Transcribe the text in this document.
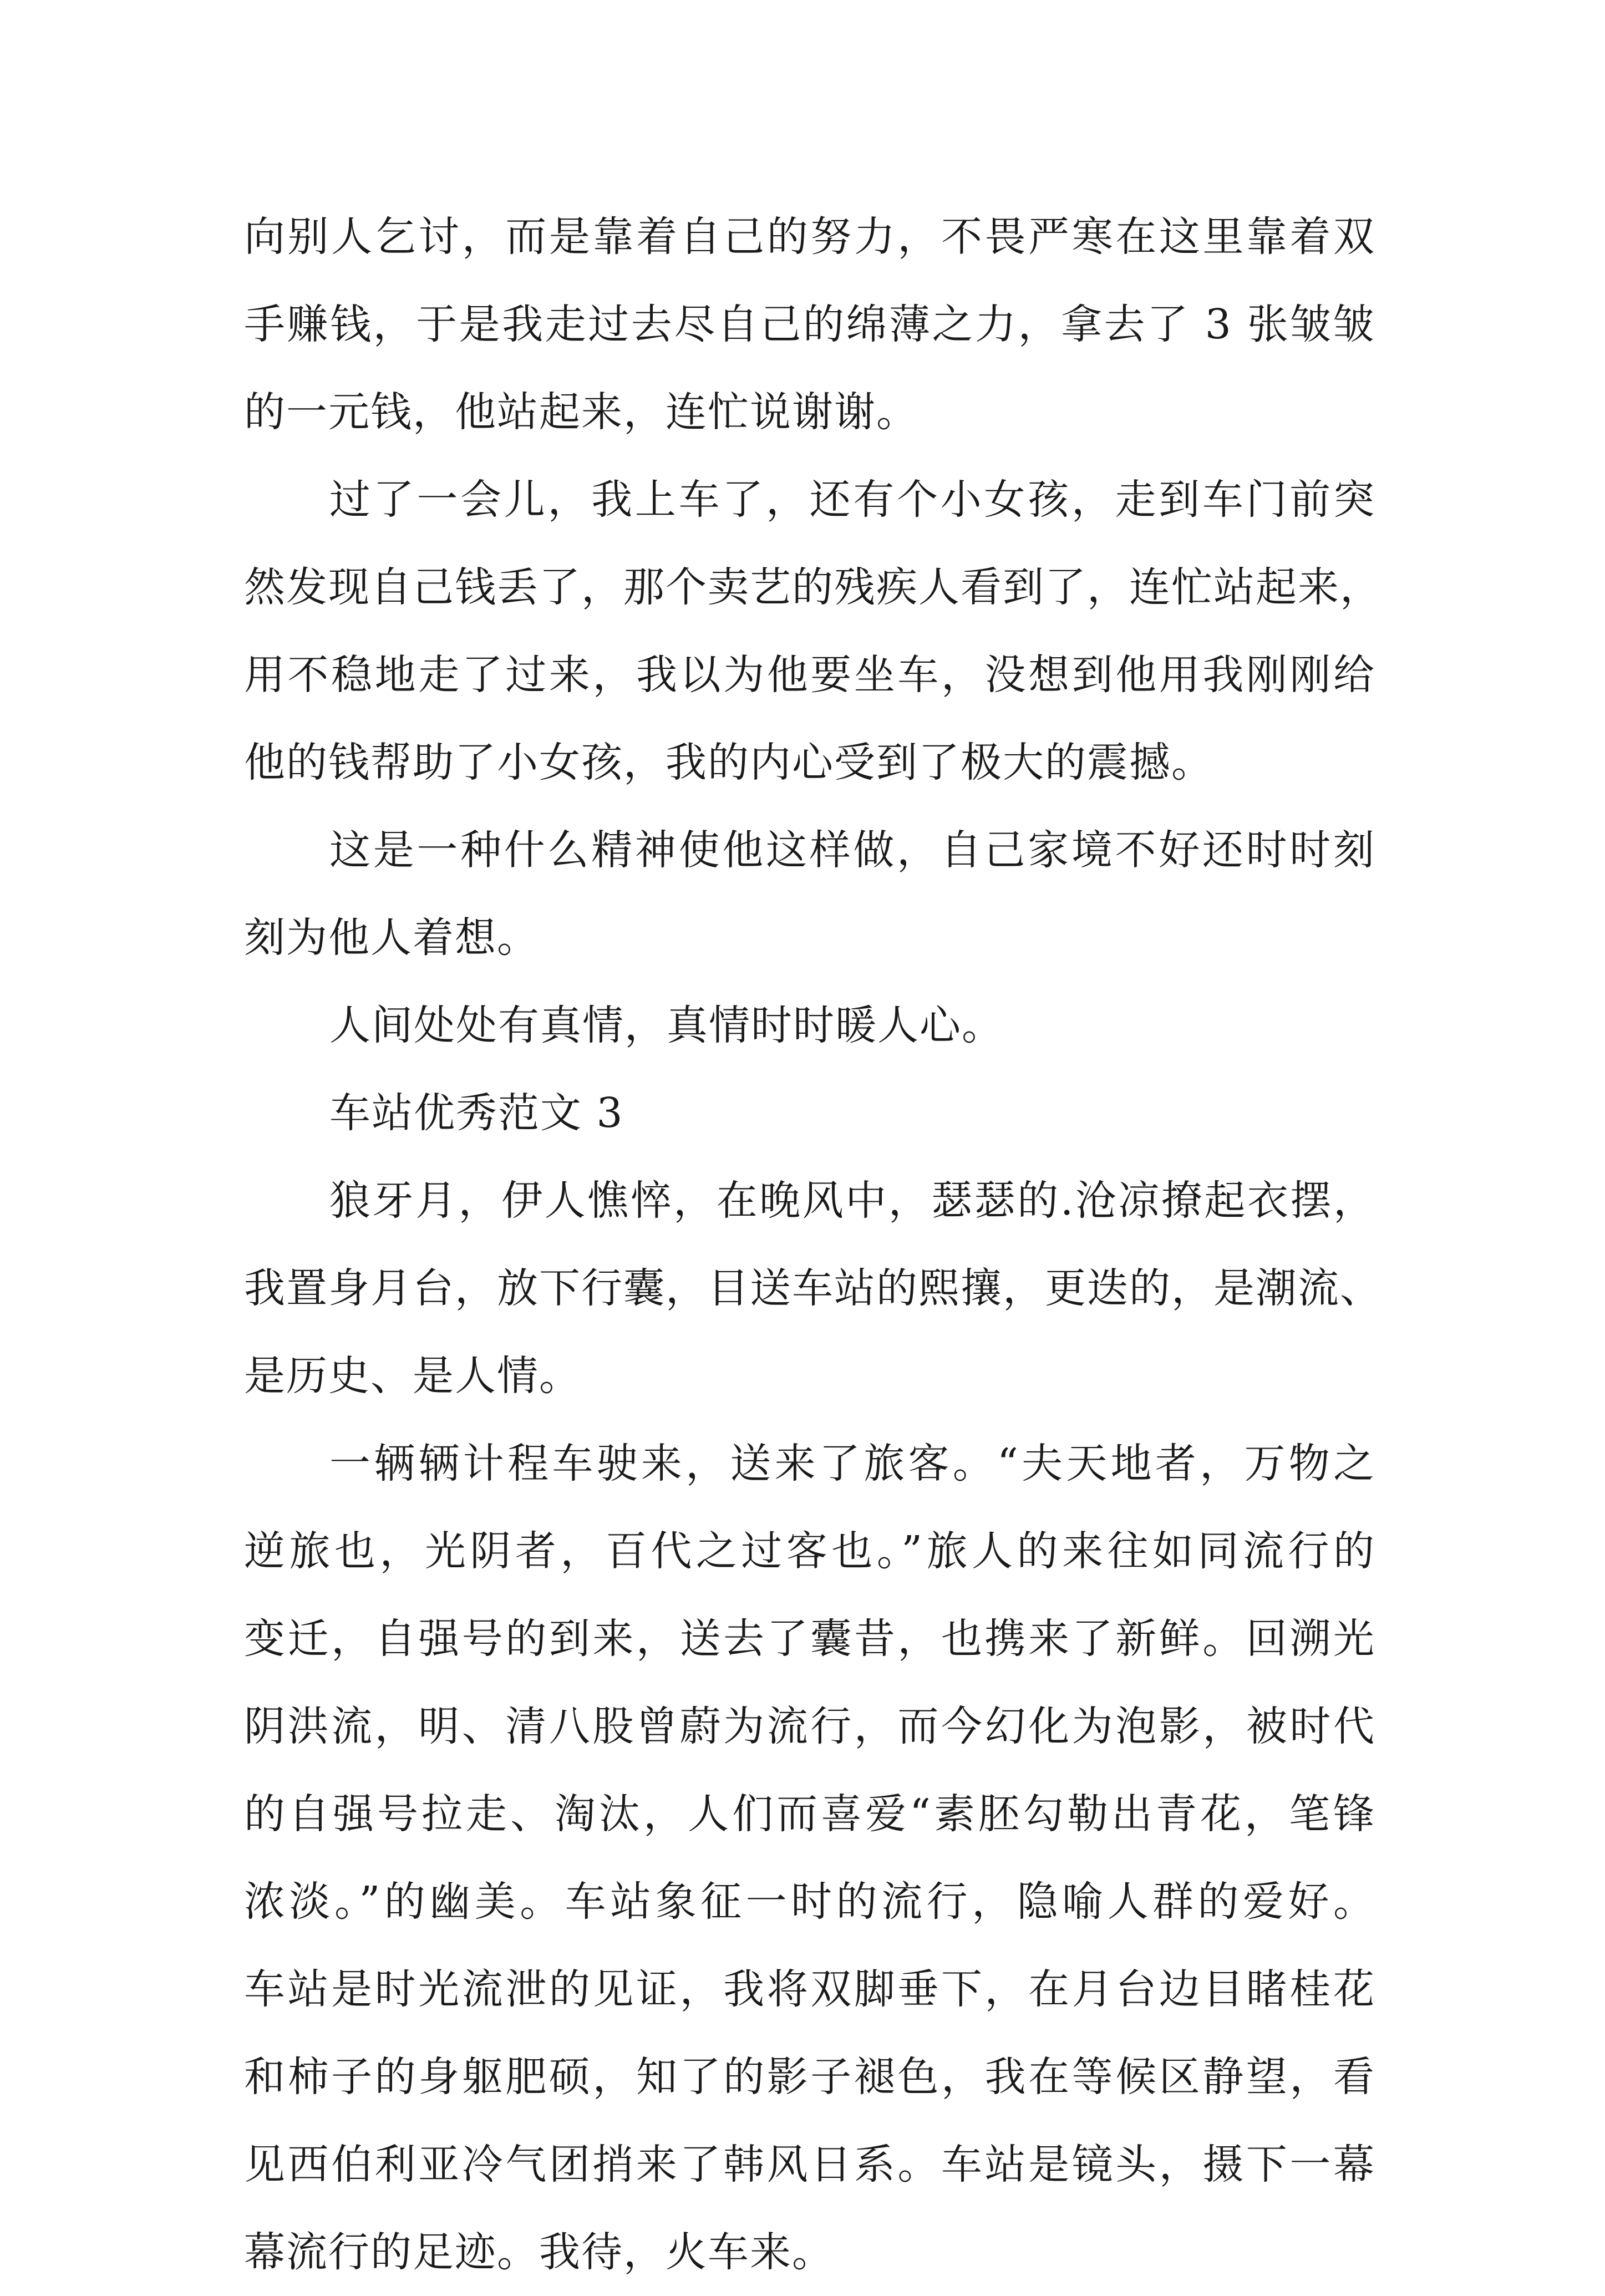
向别人乞讨，而是靠着自己的努力，不畏严寒在这里靠着双
手赚钱，于是我走过去尽自己的绵薄之力，拿去了 3 张皱皱
的一元钱，他站起来，连忙说谢谢。
过了一会儿，我上车了，还有个小女孩，走到车门前突
然发现自己钱丢了，那个卖艺的残疾人看到了，连忙站起来，
用不稳地走了过来，我以为他要坐车，没想到他用我刚刚给
他的钱帮助了小女孩，我的内心受到了极大的震撼。
这是一种什么精神使他这样做，自己家境不好还时时刻
刻为他人着想。
人间处处有真情，真情时时暖人心。
车站优秀范文 3
狼牙月，伊人憔悴，在晚风中，瑟瑟的.沧凉撩起衣摆，
我置身月台，放下行囊，目送车站的熙攘，更迭的，是潮流、
是历史、是人情。
一辆辆计程车驶来，送来了旅客。“夫天地者，万物之
逆旅也，光阴者，百代之过客也。”旅人的来往如同流行的
变迁，自强号的到来，送去了囊昔，也携来了新鲜。回溯光
阴洪流，明、清八股曾蔚为流行，而今幻化为泡影，被时代
的自强号拉走、淘汰，人们而喜爱“素胚勾勒出青花，笔锋
浓淡。”的幽美。车站象征一时的流行，隐喻人群的爱好。
车站是时光流泄的见证，我将双脚垂下，在月台边目睹桂花
和柿子的身躯肥硕，知了的影子褪色，我在等候区静望，看
见西伯利亚冷气团捎来了韩风日系。车站是镜头，摄下一幕
幕流行的足迹。我待，火车来。
